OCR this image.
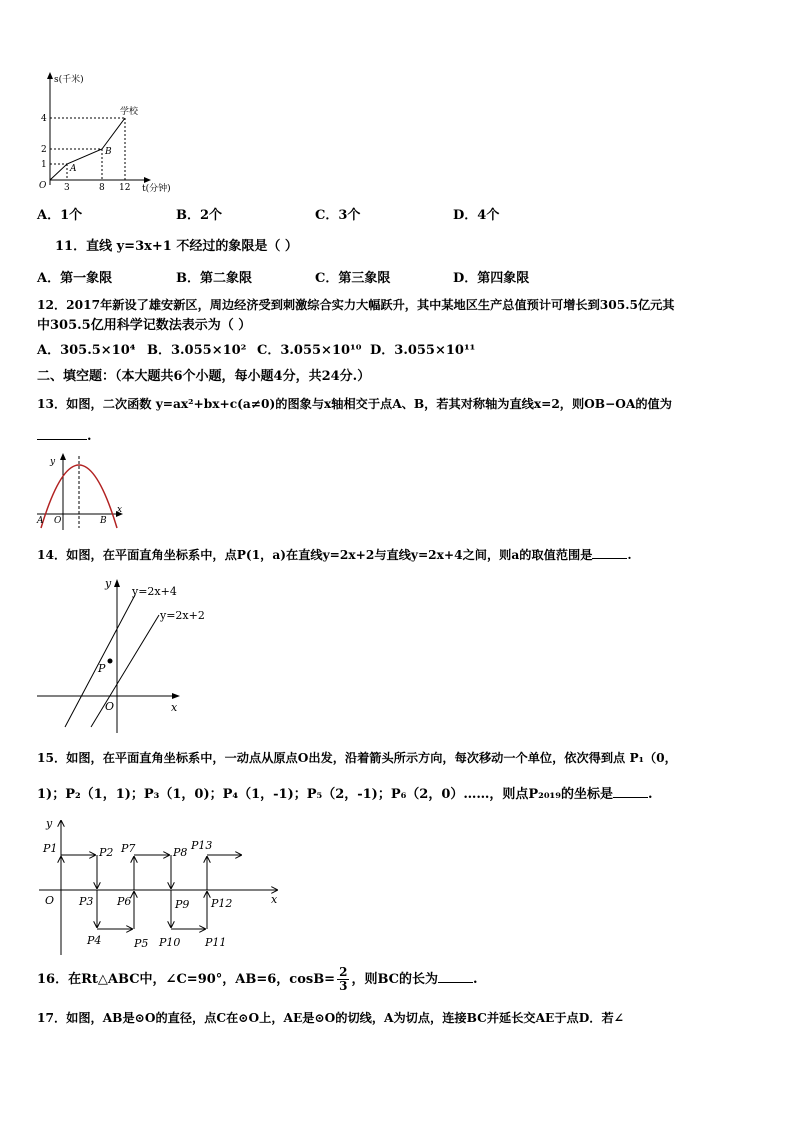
s(千米)
t(分钟)
4
2
1
O 3	8 12
A
B
学校
A．1个	B．2个	C．3个	D．4个
11．直线 y=3x+1 不经过的象限是（ ）
A．第一象限	B．第二象限	C．第三象限	D．第四象限
12．2017年新设了雄安新区，周边经济受到刺激综合实力大幅跃升，其中某地区生产总值预计可增长到305.5亿元其
中305.5亿用科学记数法表示为（ ）
A．305.5×10⁴ B．3.055×10² C．3.055×10¹⁰ D．3.055×10¹¹
二、填空题：（本大题共6个小题，每小题4分，共24分.）
13．如图，二次函数 y=ax²+bx+c(a≠0)的图象与x轴相交于点A、B，若其对称轴为直线x=2，则OB−OA的值为
.
y
x
A O	B
14．如图，在平面直角坐标系中，点P(1，a)在直线y=2x+2与直线y=2x+4之间，则a的取值范围是	.
y
x
O
P
y=2x+4
y=2x+2
15．如图，在平面直角坐标系中，一动点从原点O出发，沿着箭头所示方向，每次移动一个单位，依次得到点 P₁（0，
1)；P₂（1，1)；P₃（1，0)；P₄（1，-1)；P₅（2，-1)；P₆（2，0）……，则点P₂₀₁₉的坐标是	.
y
x
O
P1	P2
P3
P4	P5
P6
P7	P8
P9
P10 P11
P12
P13
16．在Rt△ABC中，∠C=90°，AB=6，$\cos B= \frac{2}{3}$ ，则BC的长为	.
17．如图，AB是⊙O的直径，点C在⊙O上，AE是⊙O的切线，A为切点，连接BC并延长交AE于点D．若∠
